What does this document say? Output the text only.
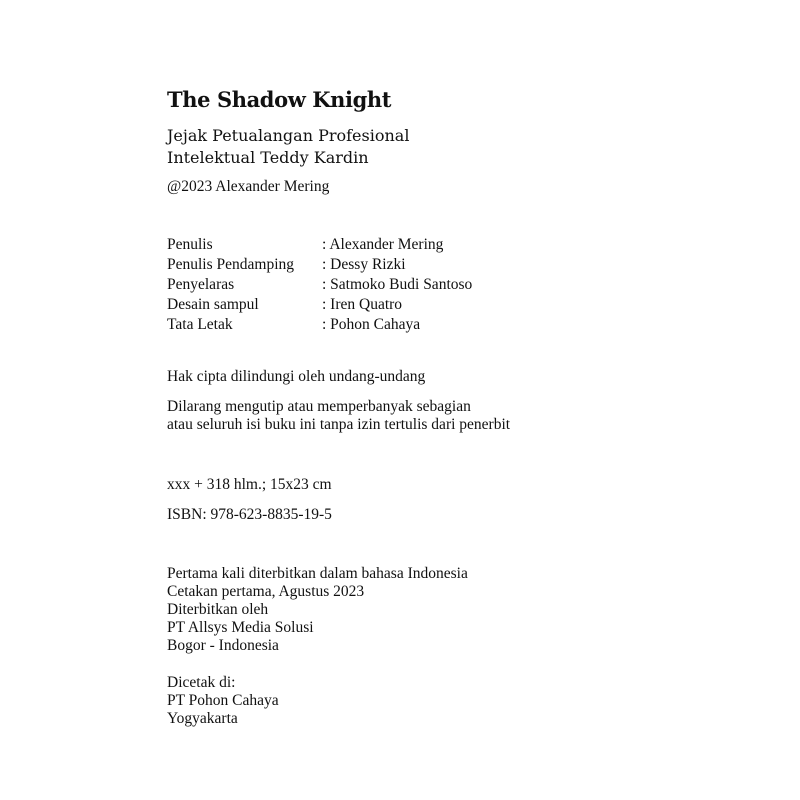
The Shadow Knight
Jejak Petualangan Profesional
Intelektual Teddy Kardin
@2023 Alexander Mering
Penulis	: Alexander Mering
Penulis Pendamping	: Dessy Rizki
Penyelaras	: Satmoko Budi Santoso
Desain sampul	: Iren Quatro
Tata Letak	: Pohon Cahaya
Hak cipta dilindungi oleh undang-undang
Dilarang mengutip atau memperbanyak sebagian
atau seluruh isi buku ini tanpa izin tertulis dari penerbit
xxx + 318 hlm.; 15x23 cm
ISBN: 978-623-8835-19-5
Pertama kali diterbitkan dalam bahasa Indonesia
Cetakan pertama, Agustus 2023
Diterbitkan oleh
PT Allsys Media Solusi
Bogor - Indonesia
Dicetak di:
PT Pohon Cahaya
Yogyakarta
